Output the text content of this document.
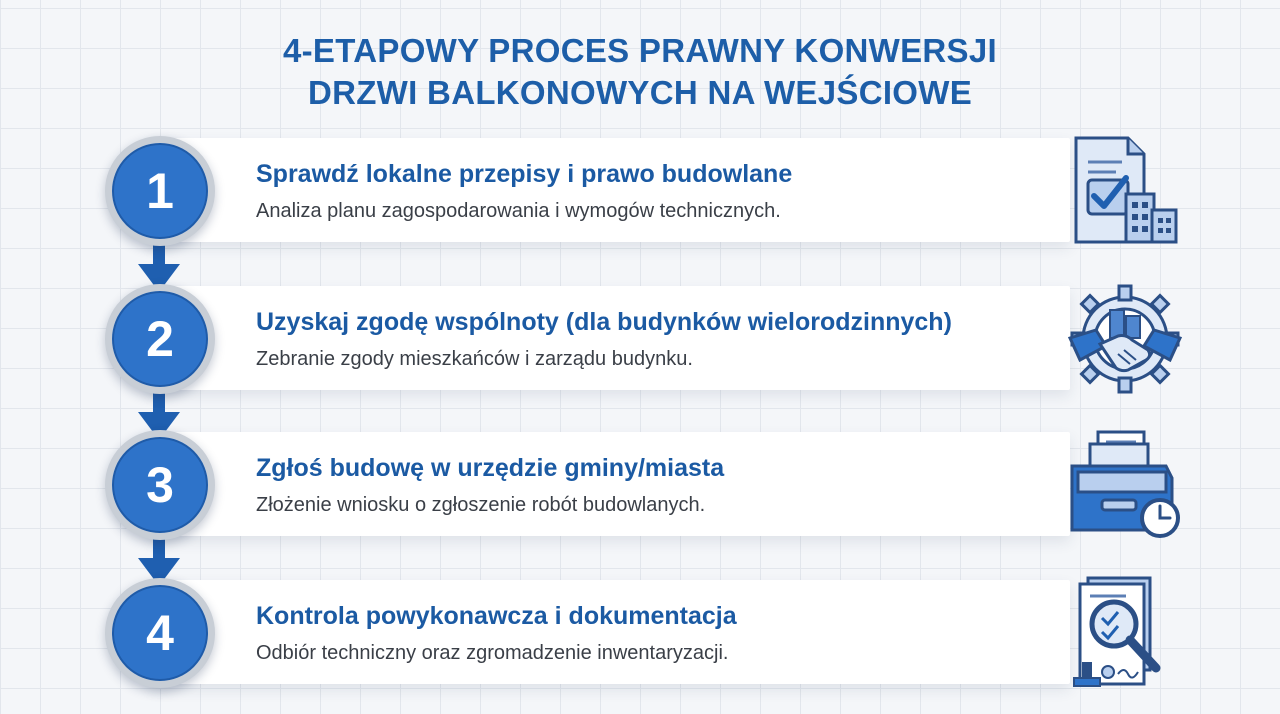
4-ETAPOWY PROCES PRAWNY KONWERSJI
DRZWI BALKONOWYCH NA WEJŚCIOWE
Sprawdź lokalne przepisy i prawo budowlane
Analiza planu zagospodarowania i wymogów technicznych.
1
Uzyskaj zgodę wspólnoty (dla budynków wielorodzinnych)
Zebranie zgody mieszkańców i zarządu budynku.
2
Zgłoś budowę w urzędzie gminy/miasta
Złożenie wniosku o zgłoszenie robót budowlanych.
3
Kontrola powykonawcza i dokumentacja
Odbiór techniczny oraz zgromadzenie inwentaryzacji.
4
